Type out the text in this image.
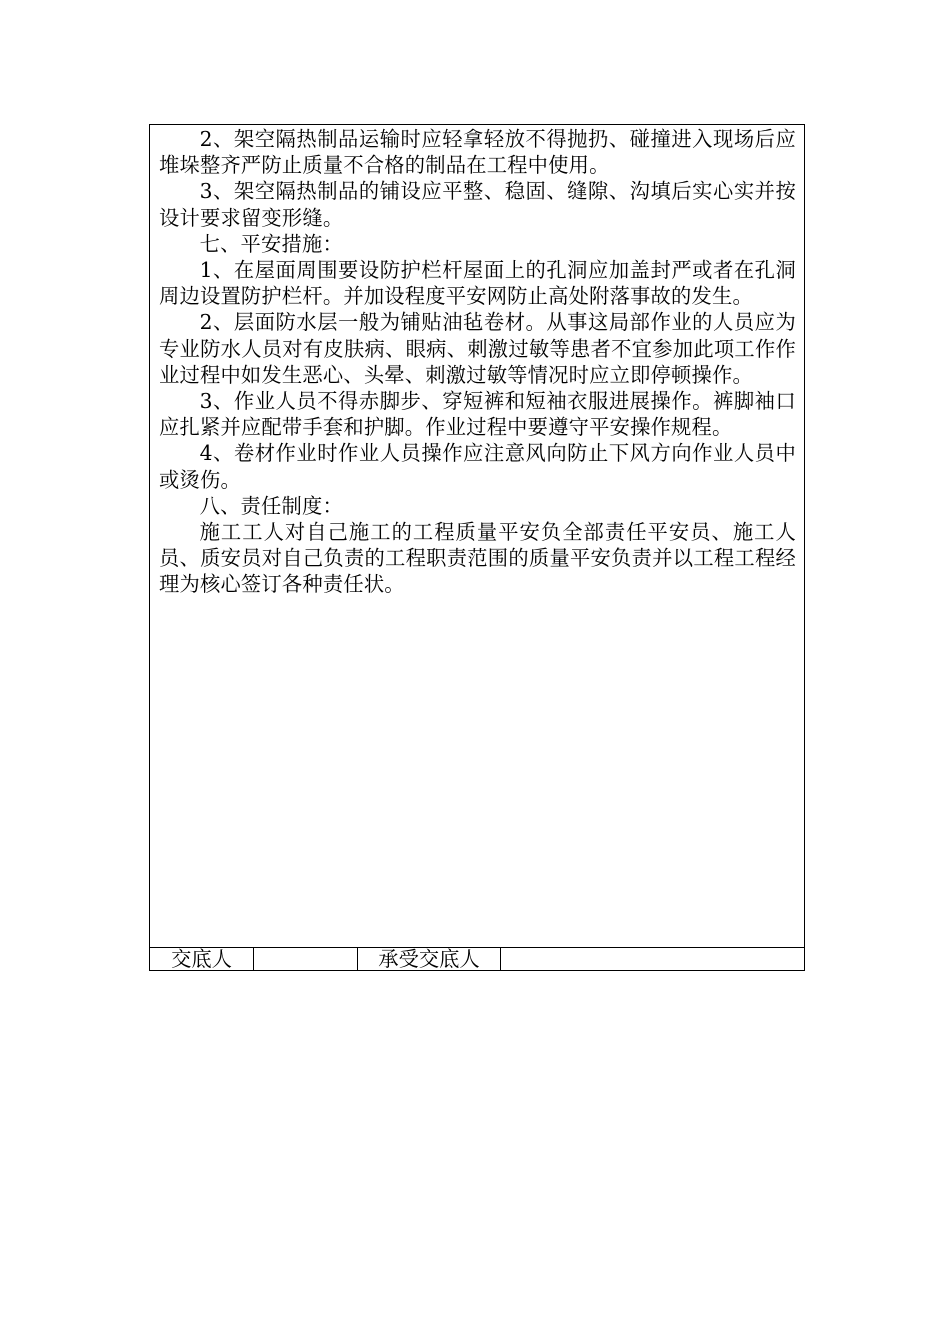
2、架空隔热制品运输时应轻拿轻放不得抛扔、碰撞进入现场后应堆垛整齐严防止质量不合格的制品在工程中使用。

3、架空隔热制品的铺设应平整、稳固、缝隙、沟填后实心实并按设计要求留变形缝。

七、平安措施：

1、在屋面周围要设防护栏杆屋面上的孔洞应加盖封严或者在孔洞周边设置防护栏杆。并加设程度平安网防止高处附落事故的发生。

2、层面防水层一般为铺贴油毡卷材。从事这局部作业的人员应为专业防水人员对有皮肤病、眼病、刺激过敏等患者不宜参加此项工作作业过程中如发生恶心、头晕、刺激过敏等情况时应立即停顿操作。

3、作业人员不得赤脚步、穿短裤和短袖衣服进展操作。裤脚袖口应扎紧并应配带手套和护脚。作业过程中要遵守平安操作规程。

4、卷材作业时作业人员操作应注意风向防止下风方向作业人员中或烫伤。

八、责任制度：

施工工人对自己施工的工程质量平安负全部责任平安员、施工人员、质安员对自己负责的工程职责范围的质量平安负责并以工程工程经理为核心签订各种责任状。

交底人	承受交底人
